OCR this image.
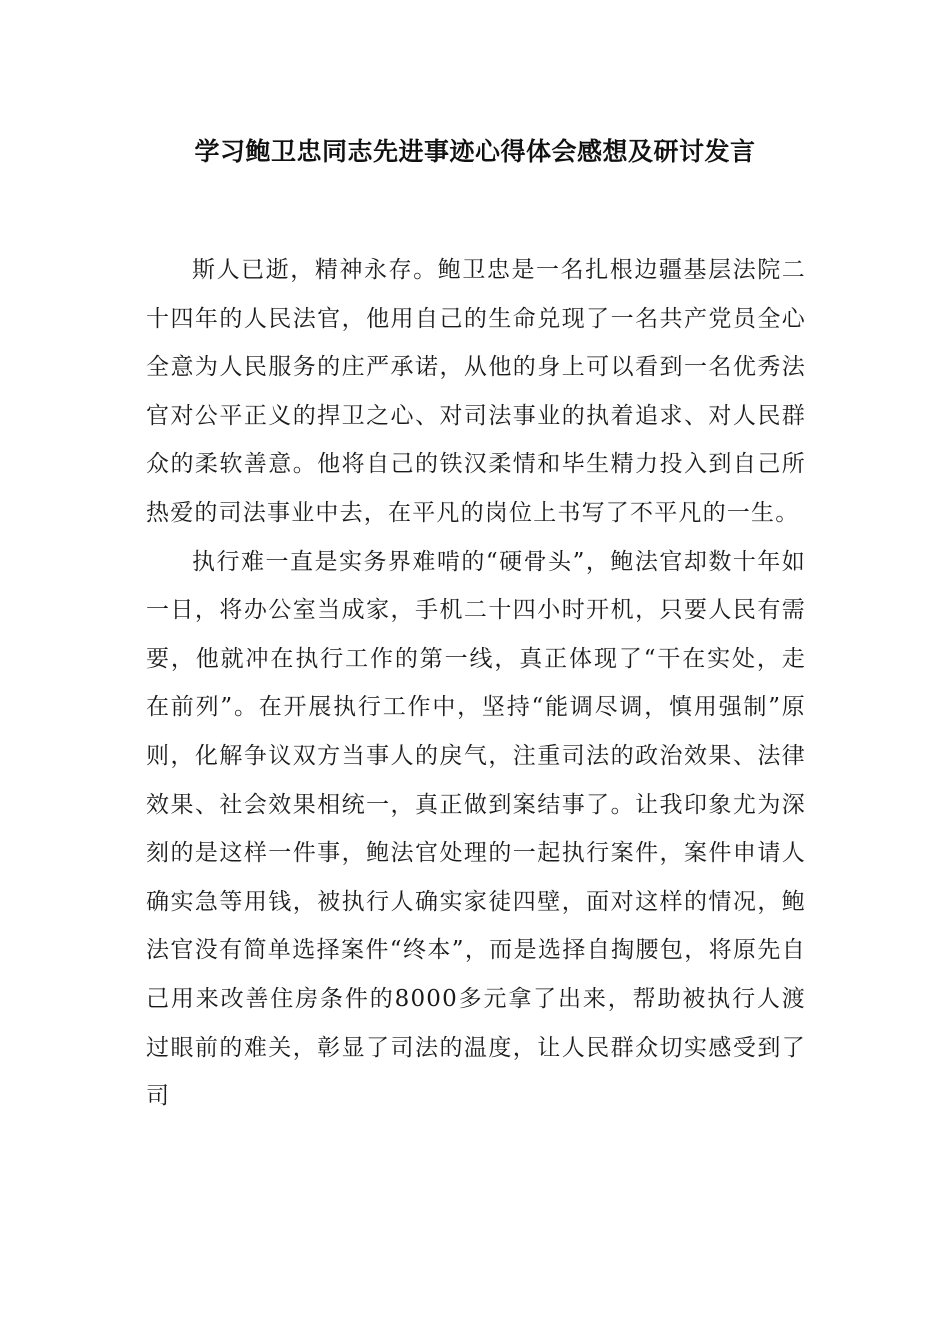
学习鲍卫忠同志先进事迹心得体会感想及研讨发言

斯人已逝，精神永存。鲍卫忠是一名扎根边疆基层法院二十四年的人民法官，他用自己的生命兑现了一名共产党员全心全意为人民服务的庄严承诺，从他的身上可以看到一名优秀法官对公平正义的捍卫之心、对司法事业的执着追求、对人民群众的柔软善意。他将自己的铁汉柔情和毕生精力投入到自己所热爱的司法事业中去，在平凡的岗位上书写了不平凡的一生。

执行难一直是实务界难啃的“硬骨头”，鲍法官却数十年如一日，将办公室当成家，手机二十四小时开机，只要人民有需要，他就冲在执行工作的第一线，真正体现了“干在实处，走在前列”。在开展执行工作中，坚持“能调尽调，慎用强制”原则，化解争议双方当事人的戾气，注重司法的政治效果、法律效果、社会效果相统一，真正做到案结事了。让我印象尤为深刻的是这样一件事，鲍法官处理的一起执行案件，案件申请人确实急等用钱，被执行人确实家徒四壁，面对这样的情况，鲍法官没有简单选择案件“终本”，而是选择自掏腰包，将原先自己用来改善住房条件的8000多元拿了出来，帮助被执行人渡过眼前的难关，彰显了司法的温度，让人民群众切实感受到了司
